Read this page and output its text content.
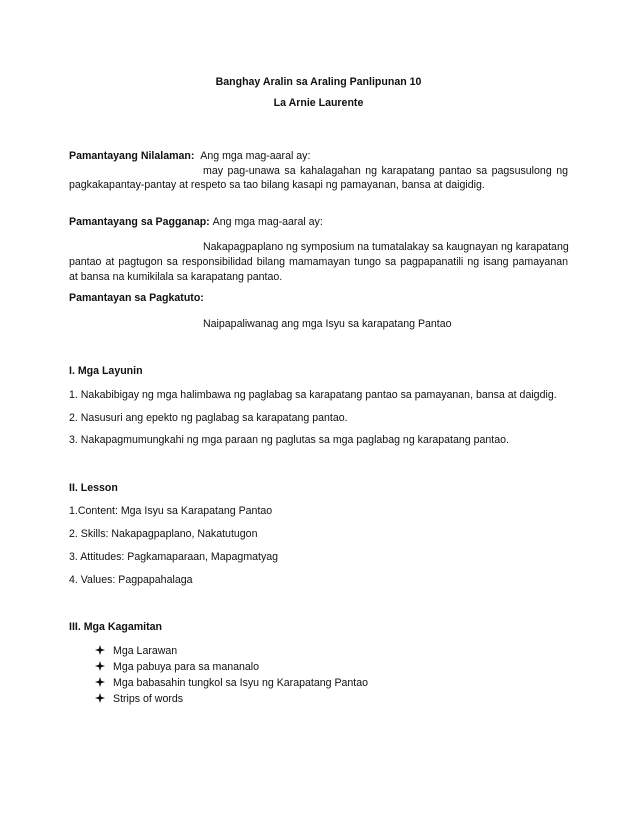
Banghay Aralin sa Araling Panlipunan 10

La Arnie Laurente

Pamantayang Nilalaman: Ang mga mag-aaral ay:

may pag-unawa sa kahalagahan ng karapatang pantao sa pagsusulong ng

pagkakapantay-pantay at respeto sa tao bilang kasapi ng pamayanan, bansa at daigidig.

Pamantayang sa Pagganap: Ang mga mag-aaral ay:

Nakapagpaplano ng symposium na tumatalakay sa kaugnayan ng karapatang

pantao at pagtugon sa responsibilidad bilang mamamayan tungo sa pagpapanatili ng isang pamayanan

at bansa na kumikilala sa karapatang pantao.

Pamantayan sa Pagkatuto:

Naipapaliwanag ang mga Isyu sa karapatang Pantao

I. Mga Layunin

1. Nakabibigay ng mga halimbawa ng paglabag sa karapatang pantao sa pamayanan, bansa at daigdig.

2. Nasusuri ang epekto ng paglabag sa karapatang pantao.

3. Nakapagmumungkahi ng mga paraan ng paglutas sa mga paglabag ng karapatang pantao.

II. Lesson

1.Content: Mga Isyu sa Karapatang Pantao

2. Skills: Nakapagpaplano, Nakatutugon

3. Attitudes: Pagkamaparaan, Mapagmatyag

4. Values: Pagpapahalaga

III. Mga Kagamitan

Mga Larawan
Mga pabuya para sa mananalo
Mga babasahin tungkol sa Isyu ng Karapatang Pantao
Strips of words
